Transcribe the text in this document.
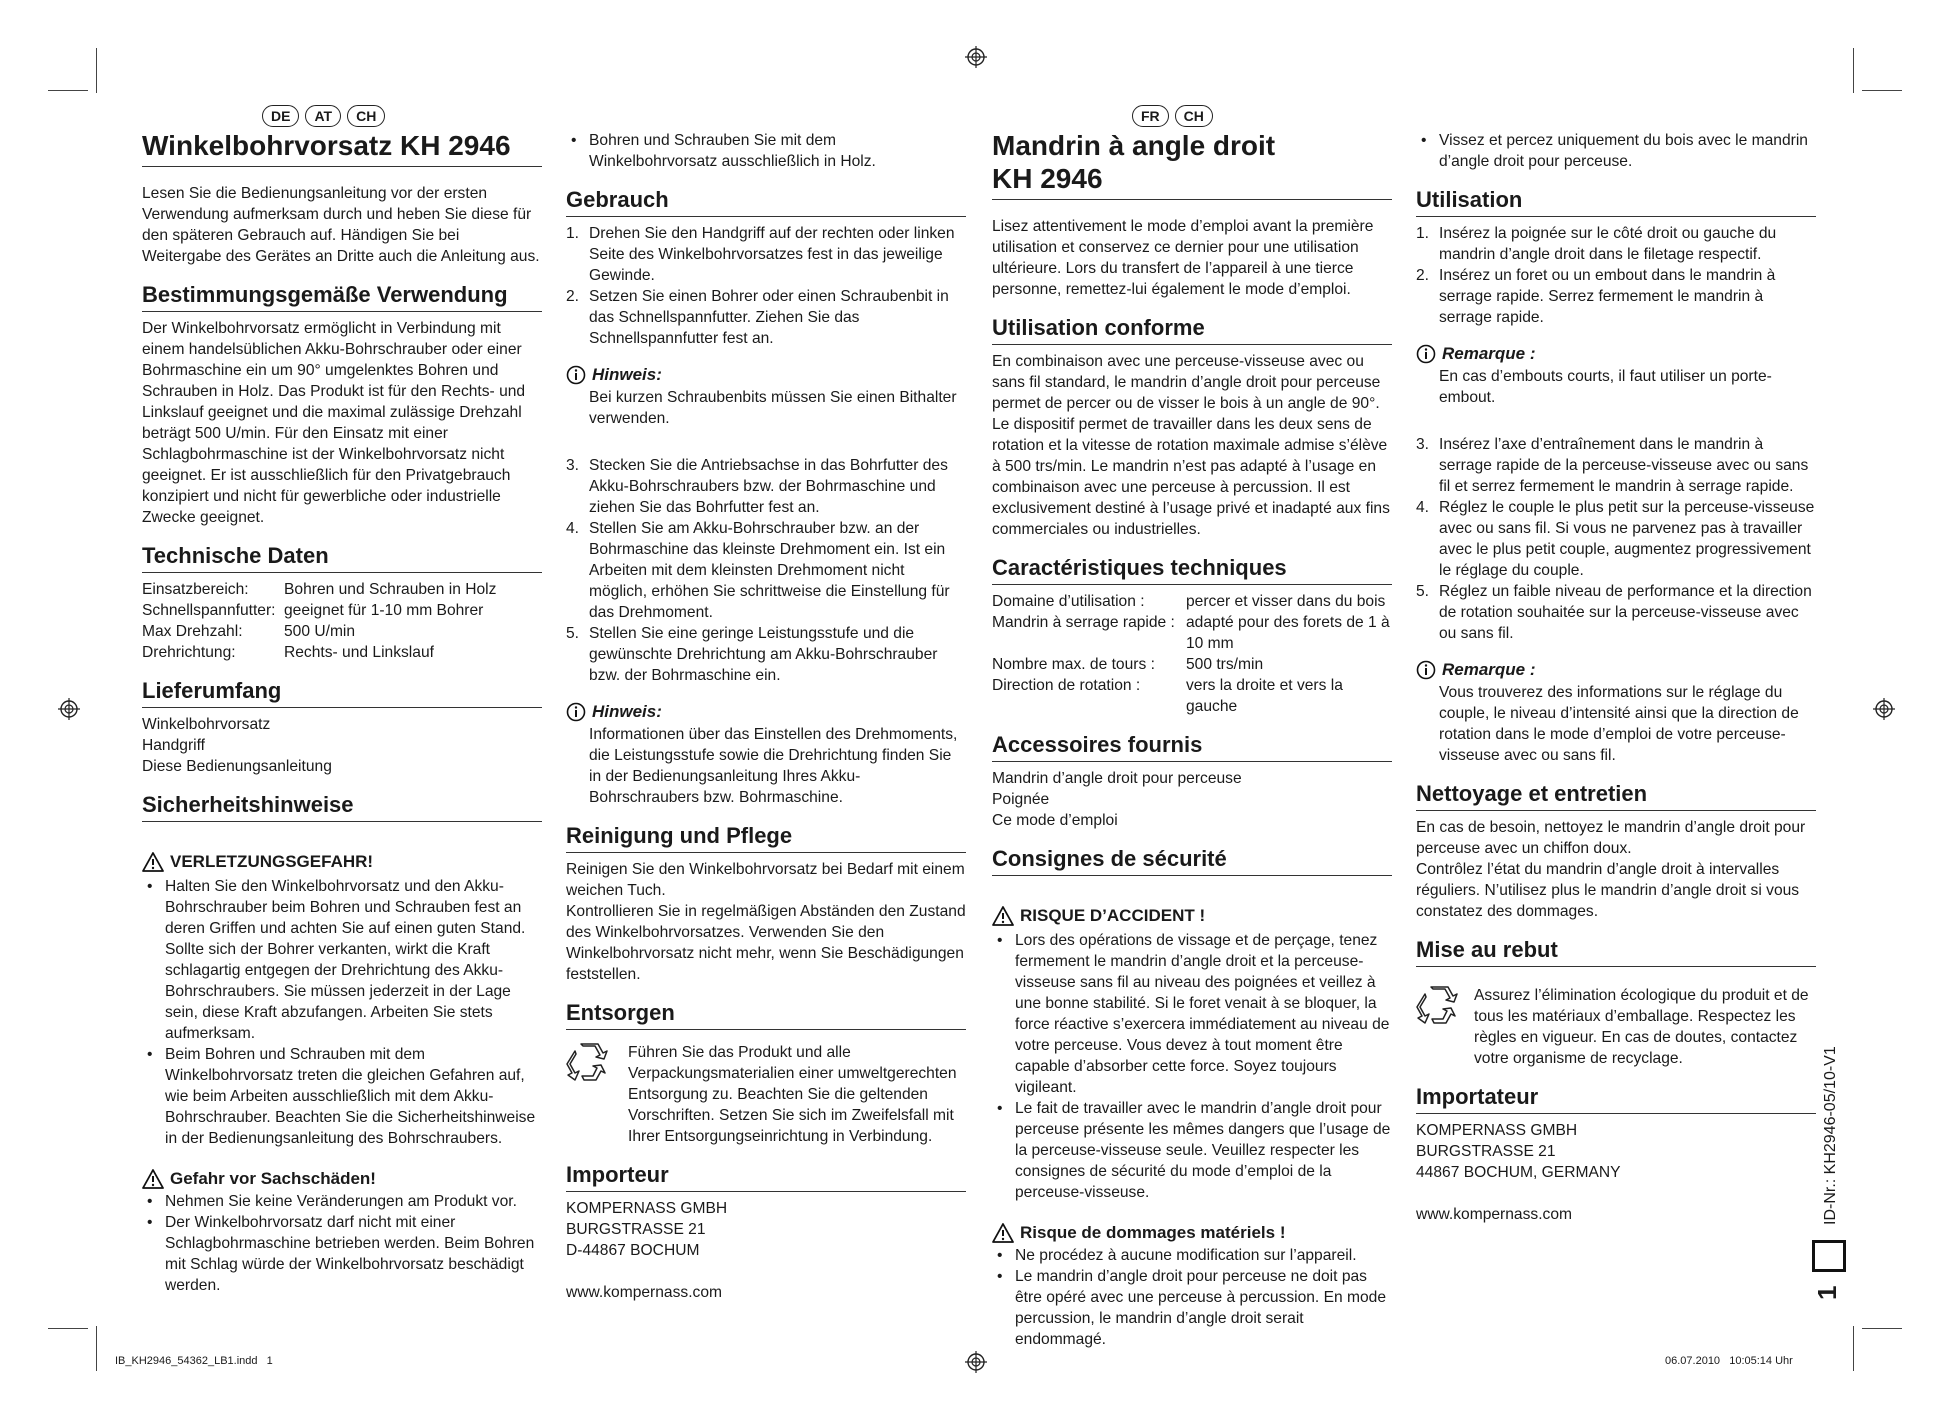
DE	AT	CH
Winkelbohrvorsatz KH 2946

Lesen Sie die Bedienungsanleitung vor der ersten Verwendung aufmerksam durch und heben Sie diese für den späteren Gebrauch auf. Händigen Sie bei Weitergabe des Gerätes an Dritte auch die Anleitung aus.

Bestimmungsgemäße Verwendung

Der Winkelbohrvorsatz ermöglicht in Verbindung mit einem handelsüblichen Akku-Bohrschrauber oder einer Bohrmaschine ein um 90° umgelenktes Bohren und Schrauben in Holz. Das Produkt ist für den Rechts- und Linkslauf geeignet und die maximal zulässige Drehzahl beträgt 500 U/min. Für den Einsatz mit einer Schlagbohrmaschine ist der Winkelbohrvorsatz nicht geeignet. Er ist ausschließlich für den Privatgebrauch konzipiert und nicht für gewerbliche oder industrielle Zwecke geeignet.

Technische Daten
Einsatzbereich:	Bohren und Schrauben in Holz
Schnellspannfutter: geeignet für 1-10 mm Bohrer
Max Drehzahl:	500 U/min
Drehrichtung:	Rechts- und Linkslauf
Lieferumfang

Winkelbohrvorsatz

Handgriff

Diese Bedienungsanleitung

Sicherheitshinweise
VERLETZUNGSGEFAHR!
• Halten Sie den Winkelbohrvorsatz und den Akku-Bohrschrauber beim Bohren und Schrauben fest an deren Griffen und achten Sie auf einen guten Stand. Sollte sich der Bohrer verkanten, wirkt die Kraft schlagartig entgegen der Drehrichtung des Akku-Bohrschraubers. Sie müssen jederzeit in der Lage sein, diese Kraft abzufangen. Arbeiten Sie stets aufmerksam.
• Beim Bohren und Schrauben mit dem Winkelbohrvorsatz treten die gleichen Gefahren auf, wie beim Arbeiten ausschließlich mit dem Akku-Bohrschrauber. Beachten Sie die Sicherheitshinweise in der Bedienungsanleitung des Bohrschraubers.
Gefahr vor Sachschäden!
• Nehmen Sie keine Veränderungen am Produkt vor.
• Der Winkelbohrvorsatz darf nicht mit einer Schlagbohrmaschine betrieben werden. Beim Bohren mit Schlag würde der Winkelbohrvorsatz beschädigt werden.
• Bohren und Schrauben Sie mit dem Winkelbohrvorsatz ausschließlich in Holz.
Gebrauch
1. Drehen Sie den Handgriff auf der rechten oder linken Seite des Winkelbohrvorsatzes fest in das jeweilige Gewinde.
2. Setzen Sie einen Bohrer oder einen Schraubenbit in das Schnellspannfutter. Ziehen Sie das Schnellspannfutter fest an.
Hinweis:

Bei kurzen Schraubenbits müssen Sie einen Bithalter verwenden.

3. Stecken Sie die Antriebsachse in das Bohrfutter des Akku-Bohrschraubers bzw. der Bohrmaschine und ziehen Sie das Bohrfutter fest an.
4. Stellen Sie am Akku-Bohrschrauber bzw. an der Bohrmaschine das kleinste Drehmoment ein. Ist ein Arbeiten mit dem kleinsten Drehmoment nicht möglich, erhöhen Sie schrittweise die Einstellung für das Drehmoment.
5. Stellen Sie eine geringe Leistungsstufe und die gewünschte Drehrichtung am Akku-Bohrschrauber bzw. der Bohrmaschine ein.
Hinweis:

Informationen über das Einstellen des Drehmoments, die Leistungsstufe sowie die Drehrichtung finden Sie in der Bedienungsanleitung Ihres Akku-Bohrschraubers bzw. Bohrmaschine.

Reinigung und Pflege

Reinigen Sie den Winkelbohrvorsatz bei Bedarf mit einem weichen Tuch.

Kontrollieren Sie in regelmäßigen Abständen den Zustand des Winkelbohrvorsatzes. Verwenden Sie den Winkelbohrvorsatz nicht mehr, wenn Sie Beschädigungen feststellen.

Entsorgen

Führen Sie das Produkt und alle Verpackungsmaterialien einer umweltgerechten Entsorgung zu. Beachten Sie die geltenden Vorschriften. Setzen Sie sich im Zweifelsfall mit Ihrer Entsorgungseinrichtung in Verbindung.

Importeur

KOMPERNASS GMBH

BURGSTRASSE 21

D-44867 BOCHUM

www.kompernass.com

FR	CH
Mandrin à angle droit
KH 2946

Lisez attentivement le mode d’emploi avant la première utilisation et conservez ce dernier pour une utilisation ultérieure. Lors du transfert de l’appareil à une tierce personne, remettez-lui également le mode d’emploi.

Utilisation conforme

En combinaison avec une perceuse-visseuse avec ou sans fil standard, le mandrin d’angle droit pour perceuse permet de percer ou de visser le bois à un angle de 90°. Le dispositif permet de travailler dans les deux sens de rotation et la vitesse de rotation maximale admise s’élève à 500 trs/min. Le mandrin n’est pas adapté à l’usage en combinaison avec une perceuse à percussion. Il est exclusivement destiné à l’usage privé et inadapté aux fins commerciales ou industrielles.

Caractéristiques techniques
Domaine d’utilisation :	percer et visser dans du bois
Mandrin à serrage rapide : adapté pour des forets de 1 à 10 mm
Nombre max. de tours :	500 trs/min
Direction de rotation :	vers la droite et vers la gauche
Accessoires fournis

Mandrin d’angle droit pour perceuse

Poignée

Ce mode d’emploi

Consignes de sécurité
RISQUE D’ACCIDENT !
• Lors des opérations de vissage et de perçage, tenez fermement le mandrin d’angle droit et la perceuse-visseuse sans fil au niveau des poignées et veillez à une bonne stabilité. Si le foret venait à se bloquer, la force réactive s’exercera immédiatement au niveau de votre perceuse. Vous devez à tout moment être capable d’absorber cette force. Soyez toujours vigileant.
• Le fait de travailler avec le mandrin d’angle droit pour perceuse présente les mêmes dangers que l’usage de la perceuse-visseuse seule. Veuillez respecter les consignes de sécurité du mode d’emploi de la perceuse-visseuse.
Risque de dommages matériels !
• Ne procédez à aucune modification sur l’appareil.
• Le mandrin d’angle droit pour perceuse ne doit pas être opéré avec une perceuse à percussion. En mode percussion, le mandrin d’angle droit serait endommagé.
• Vissez et percez uniquement du bois avec le mandrin d’angle droit pour perceuse.
Utilisation
1. Insérez la poignée sur le côté droit ou gauche du mandrin d’angle droit dans le filetage respectif.
2. Insérez un foret ou un embout dans le mandrin à serrage rapide. Serrez fermement le mandrin à serrage rapide.
Remarque :

En cas d’embouts courts, il faut utiliser un porte-embout.

3. Insérez l’axe d’entraînement dans le mandrin à serrage rapide de la perceuse-visseuse avec ou sans fil et serrez fermement le mandrin à serrage rapide.
4. Réglez le couple le plus petit sur la perceuse-visseuse avec ou sans fil. Si vous ne parvenez pas à travailler avec le plus petit couple, augmentez progressivement le réglage du couple.
5. Réglez un faible niveau de performance et la direction de rotation souhaitée sur la perceuse-visseuse avec ou sans fil.
Remarque :

Vous trouverez des informations sur le réglage du couple, le niveau d’intensité ainsi que la direction de rotation dans le mode d’emploi de votre perceuse-visseuse avec ou sans fil.

Nettoyage et entretien

En cas de besoin, nettoyez le mandrin d’angle droit pour perceuse avec un chiffon doux.

Contrôlez l’état du mandrin d’angle droit à intervalles réguliers. N’utilisez plus le mandrin d’angle droit si vous constatez des dommages.

Mise au rebut

Assurez l’élimination écologique du produit et de tous les matériaux d’emballage. Respectez les règles en vigueur. En cas de doutes, contactez votre organisme de recyclage.

Importateur

KOMPERNASS GMBH

BURGSTRASSE 21

44867 BOCHUM, GERMANY

www.kompernass.com	ID-Nr.: KH2946-05/10-V1
1
IB_KH2946_54362_LB1.indd   1	06.07.2010   10:05:14 Uhr
